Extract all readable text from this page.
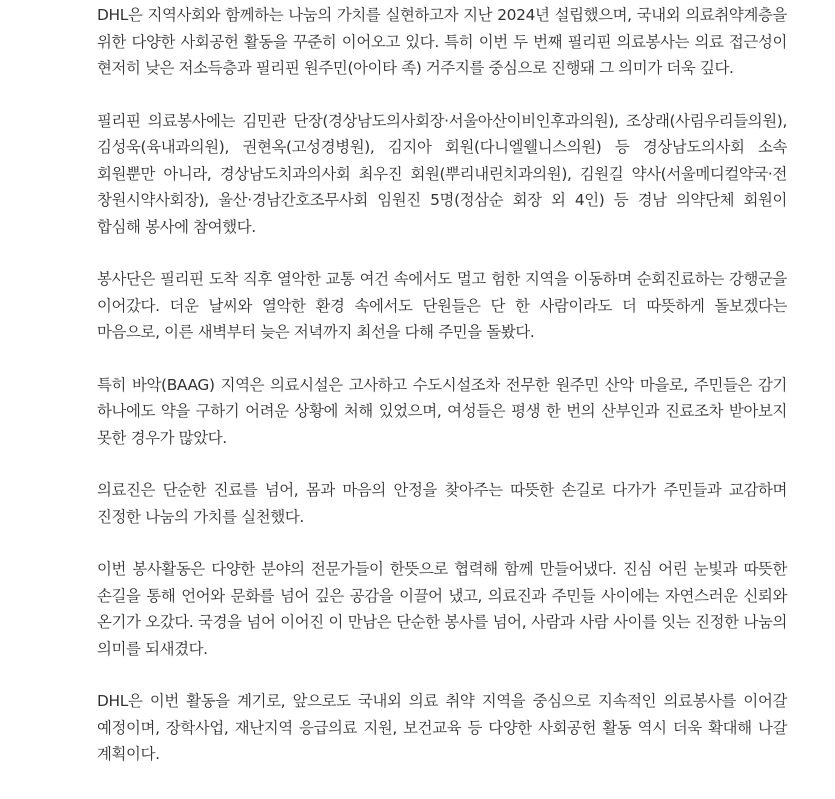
DHL은 지역사회와 함께하는 나눔의 가치를 실현하고자 지난 2024년 설립했으며, 국내외 의료취약계층을 위한 다양한 사회공헌 활동을 꾸준히 이어오고 있다. 특히 이번 두 번째 필리핀 의료봉사는 의료 접근성이 현저히 낮은 저소득층과 필리핀 원주민(아이타 족) 거주지를 중심으로 진행돼 그 의미가 더욱 깊다.

필리핀 의료봉사에는 김민관 단장(경상남도의사회장·서울아산이비인후과의원), 조상래(사림우리들의원), 김성욱(육내과의원), 권현옥(고성경병원), 김지아 회원(다니엘웰니스의원) 등 경상남도의사회 소속 회원뿐만 아니라, 경상남도치과의사회 최우진 회원(뿌리내린치과의원), 김원길 약사(서울메디컬약국·전 창원시약사회장), 울산·경남간호조무사회 임원진 5명(정삼순 회장 외 4인) 등 경남 의약단체 회원이 합심해 봉사에 참여했다.

봉사단은 필리핀 도착 직후 열악한 교통 여건 속에서도 멀고 험한 지역을 이동하며 순회진료하는 강행군을 이어갔다. 더운 날씨와 열악한 환경 속에서도 단원들은 단 한 사람이라도 더 따뜻하게 돌보겠다는 마음으로, 이른 새벽부터 늦은 저녁까지 최선을 다해 주민을 돌봤다.

특히 바악(BAAG) 지역은 의료시설은 고사하고 수도시설조차 전무한 원주민 산악 마을로, 주민들은 감기 하나에도 약을 구하기 어려운 상황에 처해 있었으며, 여성들은 평생 한 번의 산부인과 진료조차 받아보지 못한 경우가 많았다.

의료진은 단순한 진료를 넘어, 몸과 마음의 안정을 찾아주는 따뜻한 손길로 다가가 주민들과 교감하며 진정한 나눔의 가치를 실천했다.

이번 봉사활동은 다양한 분야의 전문가들이 한뜻으로 협력해 함께 만들어냈다. 진심 어린 눈빛과 따뜻한 손길을 통해 언어와 문화를 넘어 깊은 공감을 이끌어 냈고, 의료진과 주민들 사이에는 자연스러운 신뢰와 온기가 오갔다. 국경을 넘어 이어진 이 만남은 단순한 봉사를 넘어, 사람과 사람 사이를 잇는 진정한 나눔의 의미를 되새겼다.

DHL은 이번 활동을 계기로, 앞으로도 국내외 의료 취약 지역을 중심으로 지속적인 의료봉사를 이어갈 예정이며, 장학사업, 재난지역 응급의료 지원, 보건교육 등 다양한 사회공헌 활동 역시 더욱 확대해 나갈 계획이다.
